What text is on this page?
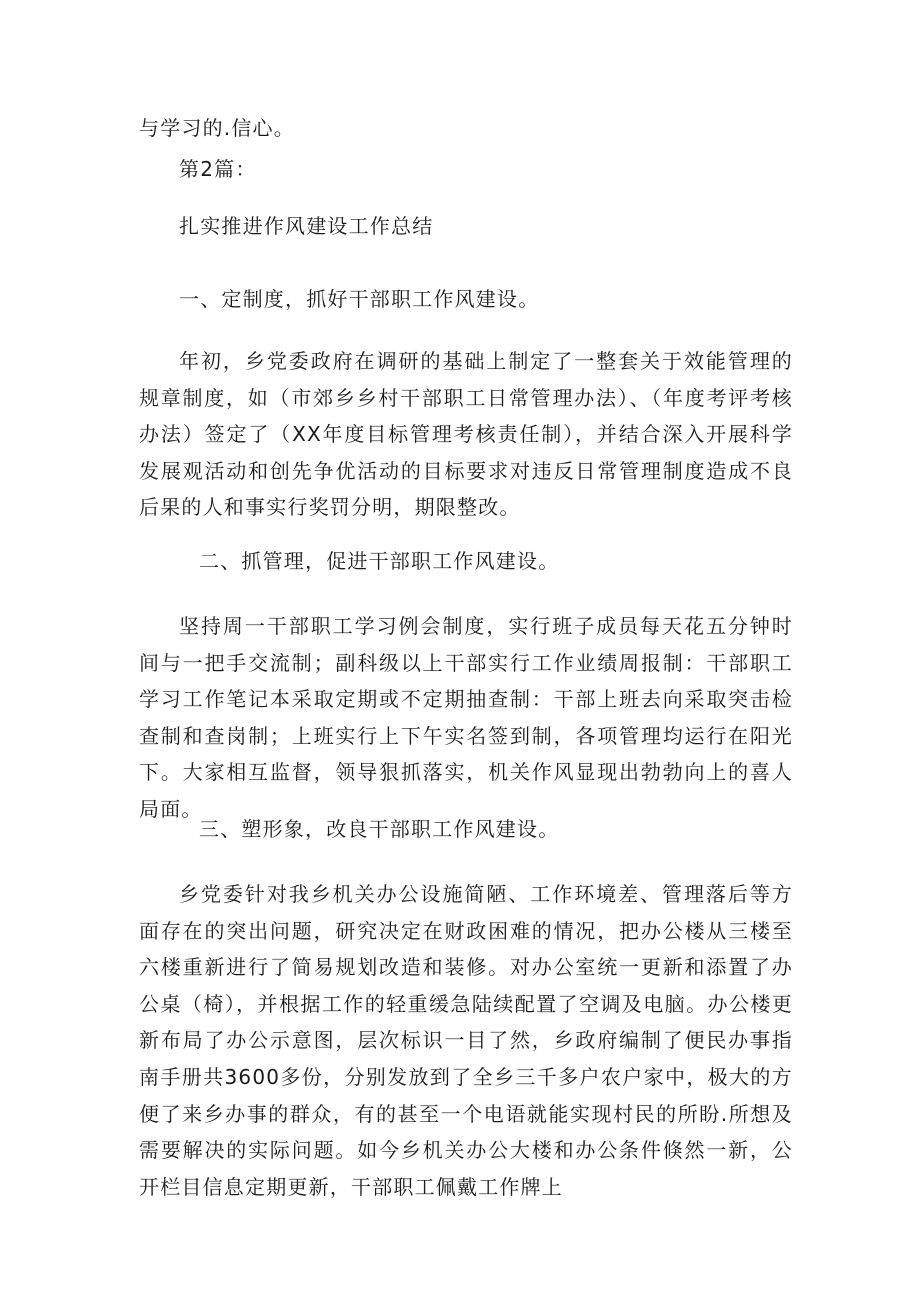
与学习的.信心。
第2篇：
扎实推进作风建设工作总结
一、定制度，抓好干部职工作风建设。
年初，乡党委政府在调研的基础上制定了一整套关于效能管理的规章制度，如（市郊乡乡村干部职工日常管理办法）、（年度考评考核办法）签定了（XX年度目标管理考核责任制），并结合深入开展科学发展观活动和创先争优活动的目标要求对违反日常管理制度造成不良后果的人和事实行奖罚分明，期限整改。
二、抓管理，促进干部职工作风建设。
坚持周一干部职工学习例会制度，实行班子成员每天花五分钟时间与一把手交流制；副科级以上干部实行工作业绩周报制：干部职工学习工作笔记本采取定期或不定期抽查制：干部上班去向采取突击检查制和查岗制；上班实行上下午实名签到制，各项管理均运行在阳光下。大家相互监督，领导狠抓落实，机关作风显现出勃勃向上的喜人局面。
三、塑形象，改良干部职工作风建设。
乡党委针对我乡机关办公设施简陋、工作环境差、管理落后等方面存在的突出问题，研究决定在财政困难的情况，把办公楼从三楼至六楼重新进行了简易规划改造和装修。对办公室统一更新和添置了办公桌（椅），并根据工作的轻重缓急陆续配置了空调及电脑。办公楼更新布局了办公示意图，层次标识一目了然，乡政府编制了便民办事指南手册共3600多份，分别发放到了全乡三千多户农户家中，极大的方便了来乡办事的群众，有的甚至一个电语就能实现村民的所盼.所想及需要解决的实际问题。如今乡机关办公大楼和办公条件倏然一新，公开栏目信息定期更新，干部职工佩戴工作牌上
